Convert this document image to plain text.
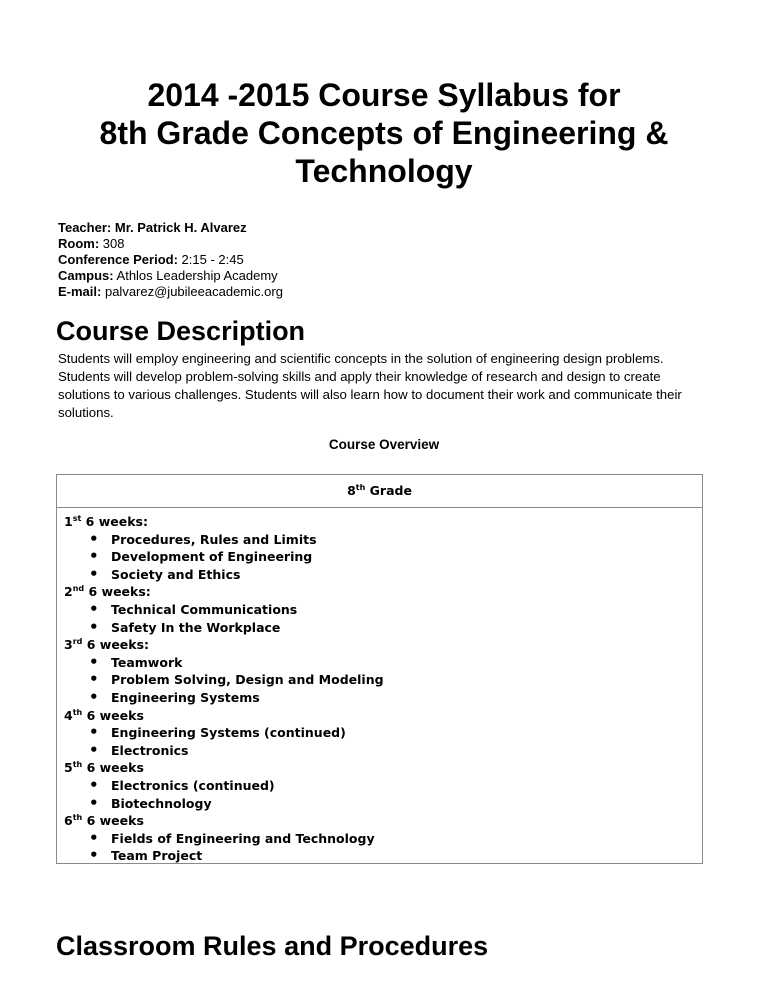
2014 -2015 Course Syllabus for
8th Grade Concepts of Engineering &
Technology
Teacher: Mr. Patrick H. Alvarez
Room: 308
Conference Period: 2:15 - 2:45
Campus: Athlos Leadership Academy
E-mail: palvarez@jubileeacademic.org
Course Description
Students will employ engineering and scientific concepts in the solution of engineering design problems. Students will develop problem-solving skills and apply their knowledge of research and design to create solutions to various challenges. Students will also learn how to document their work and communicate their solutions.
Course Overview
8th Grade
1st 6 weeks:
• Procedures, Rules and Limits
• Development of Engineering
• Society and Ethics
2nd 6 weeks:
• Technical Communications
• Safety In the Workplace
3rd 6 weeks:
• Teamwork
• Problem Solving, Design and Modeling
• Engineering Systems
4th 6 weeks
• Engineering Systems (continued)
• Electronics
5th 6 weeks
• Electronics (continued)
• Biotechnology
6th 6 weeks
• Fields of Engineering and Technology
• Team Project
Classroom Rules and Procedures
